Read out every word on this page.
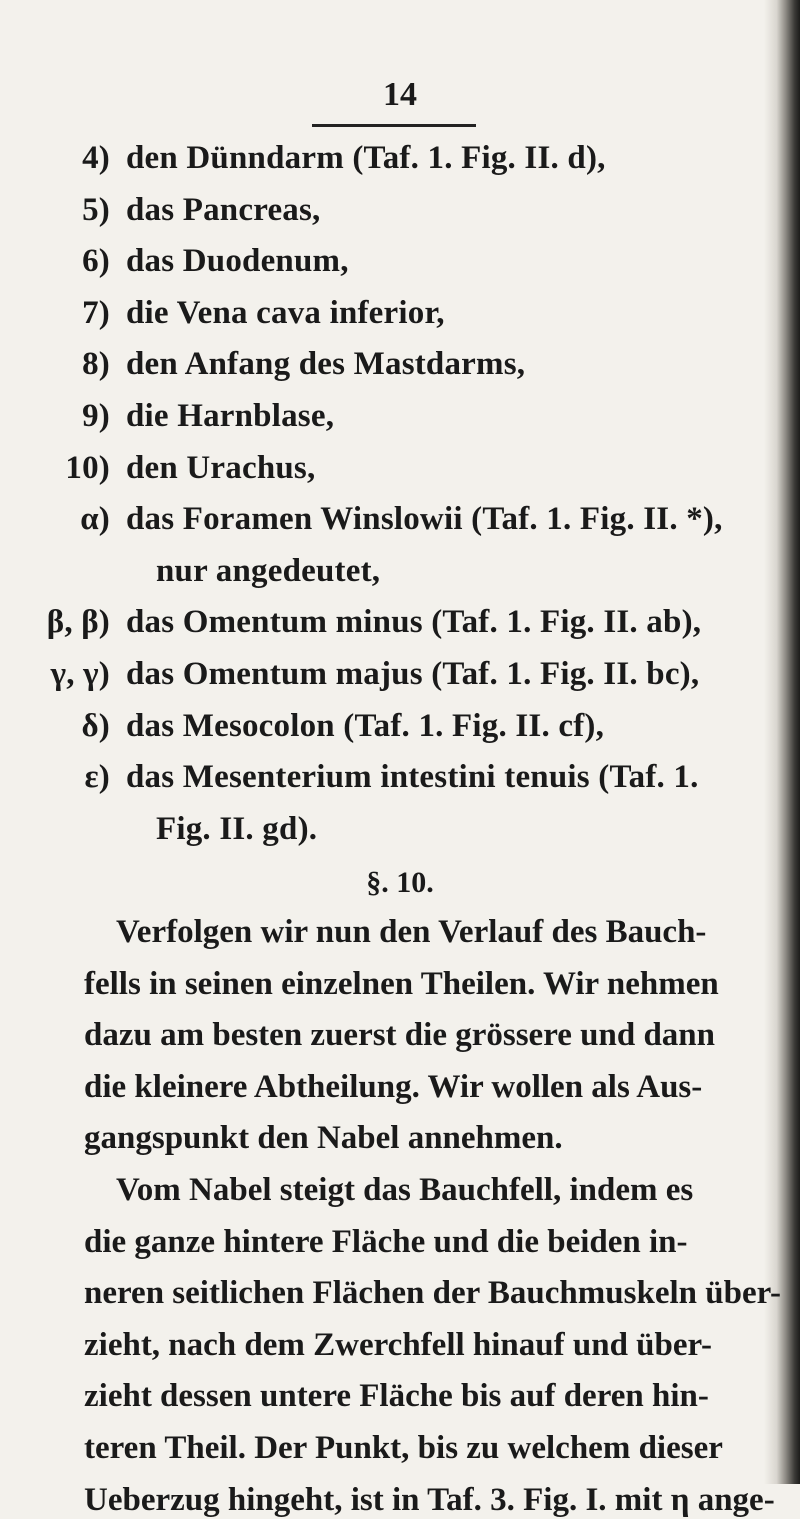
14
4) den Dünndarm (Taf. 1. Fig. II. d),
5) das Pancreas,
6) das Duodenum,
7) die Vena cava inferior,
8) den Anfang des Mastdarms,
9) die Harnblase,
10) den Urachus,
α) das Foramen Winslowii (Taf. 1. Fig. II. *),
nur angedeutet,
β, β) das Omentum minus (Taf. 1. Fig. II. ab),
γ, γ) das Omentum majus (Taf. 1. Fig. II. bc),
δ) das Mesocolon (Taf. 1. Fig. II. cf),
ε) das Mesenterium intestini tenuis (Taf. 1.
Fig. II. gd).
§. 10.
Verfolgen wir nun den Verlauf des Bauch-
fells in seinen einzelnen Theilen. Wir nehmen
dazu am besten zuerst die grössere und dann
die kleinere Abtheilung. Wir wollen als Aus-
gangspunkt den Nabel annehmen.
Vom Nabel steigt das Bauchfell, indem es
die ganze hintere Fläche und die beiden in-
neren seitlichen Flächen der Bauchmuskeln über-
zieht, nach dem Zwerchfell hinauf und über-
zieht dessen untere Fläche bis auf deren hin-
teren Theil. Der Punkt, bis zu welchem dieser
Ueberzug hingeht, ist in Taf. 3. Fig. I. mit η ange-
